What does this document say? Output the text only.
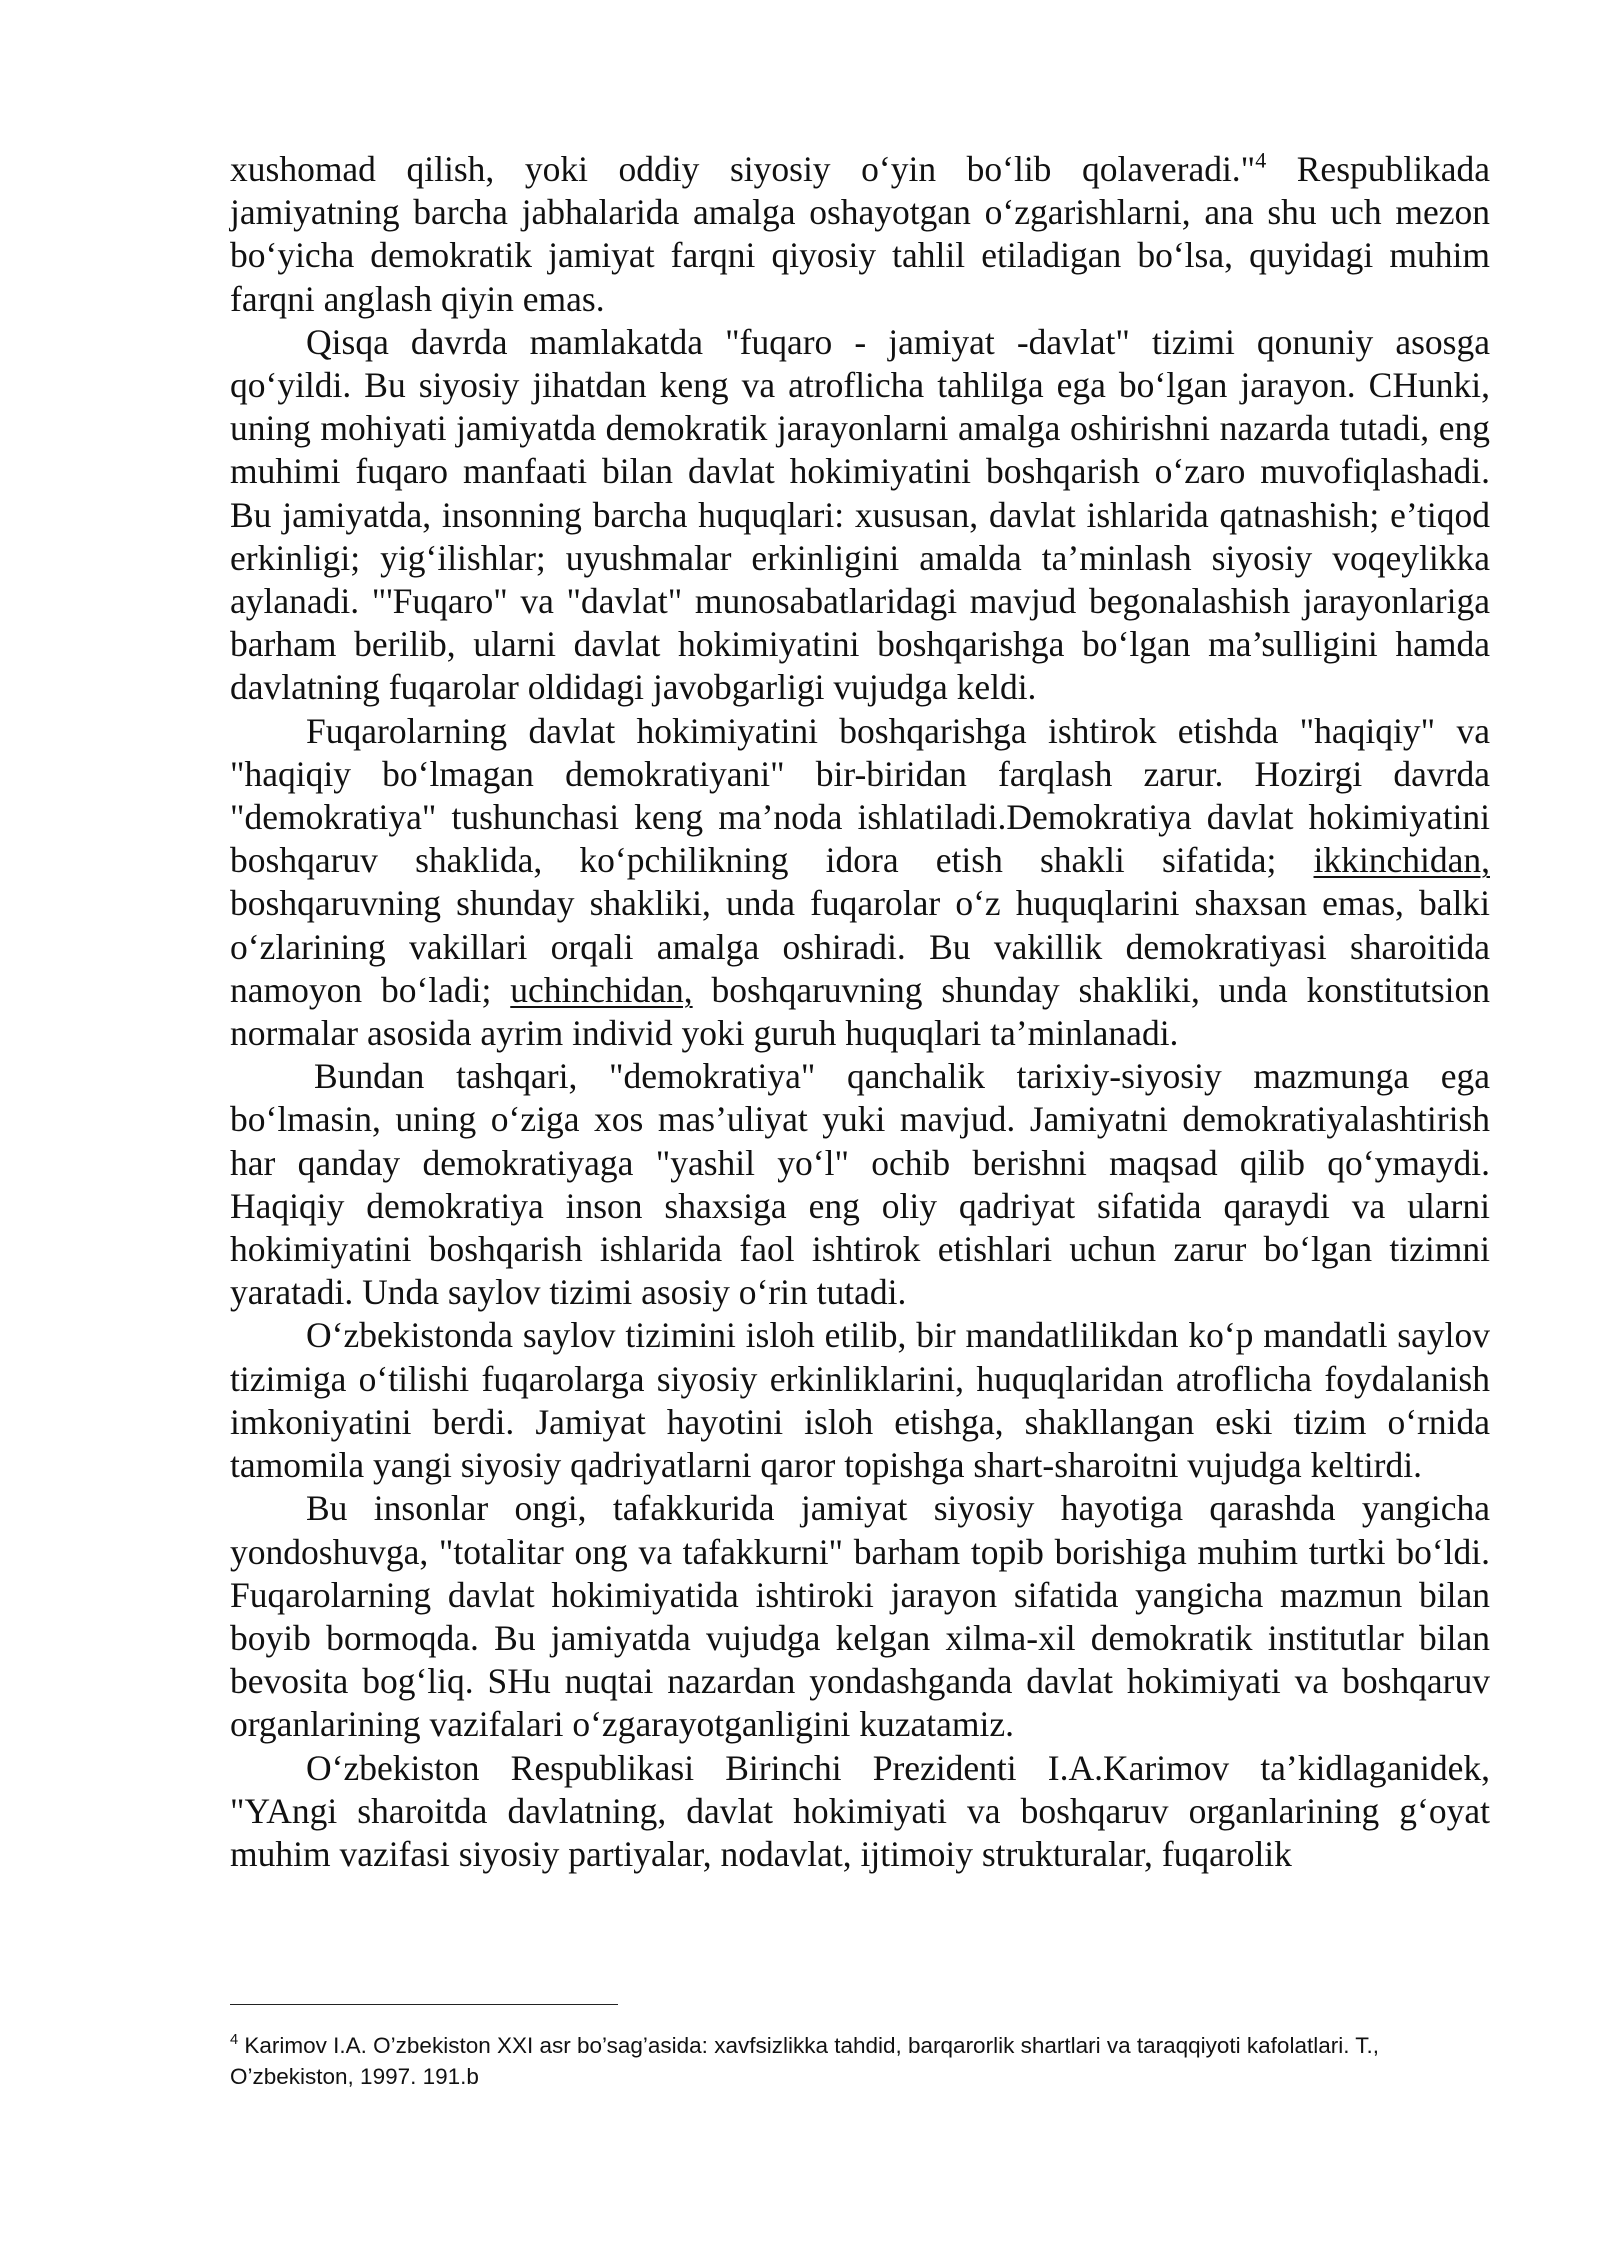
xushomad qilish, yoki oddiy siyosiy o‘yin bo‘lib qolaveradi."$^4$ Respublikada jamiyatning barcha jabhalarida amalga oshayotgan o‘zgarishlarni, ana shu uch mezon bo‘yicha demokratik jamiyat farqni qiyosiy tahlil etiladigan bo‘lsa, quyidagi muhim farqni anglash qiyin emas.

Qisqa davrda mamlakatda "fuqaro - jamiyat -davlat" tizimi qonuniy asosga qo‘yildi. Bu siyosiy jihatdan keng va atroflicha tahlilga ega bo‘lgan jarayon. CHunki, uning mohiyati jamiyatda demokratik jarayonlarni amalga oshirishni nazarda tutadi, eng muhimi fuqaro manfaati bilan davlat hokimiyatini boshqarish o‘zaro muvofiqlashadi. Bu jamiyatda, insonning barcha huquqlari: xususan, davlat ishlarida qatnashish; e’tiqod erkinligi; yig‘ilishlar; uyushmalar erkinligini amalda ta’minlash siyosiy voqeylikka aylanadi. "'Fuqaro" va "davlat" munosabatlaridagi mavjud begonalashish jarayonlariga barham berilib, ularni davlat hokimiyatini boshqarishga bo‘lgan ma’sulligini hamda davlatning fuqarolar oldidagi javobgarligi vujudga keldi.

Fuqarolarning davlat hokimiyatini boshqarishga ishtirok etishda "haqiqiy" va "haqiqiy bo‘lmagan demokratiyani" bir-biridan farqlash zarur. Hozirgi davrda "demokratiya" tushunchasi keng ma’noda ishlatiladi.Demokratiya davlat hokimiyatini boshqaruv shaklida, ko‘pchilikning idora etish shakli sifatida; ikkinchidan, boshqaruvning shunday shakliki, unda fuqarolar o‘z huquqlarini shaxsan emas, balki o‘zlarining vakillari orqali amalga oshiradi. Bu vakillik demokratiyasi sharoitida namoyon bo‘ladi; uchinchidan, boshqaruvning shunday shakliki, unda konstitutsion normalar asosida ayrim individ yoki guruh huquqlari ta’minlanadi.

Bundan tashqari, "demokratiya" qanchalik tarixiy-siyosiy mazmunga ega bo‘lmasin, uning o‘ziga xos mas’uliyat yuki mavjud. Jamiyatni demokratiyalashtirish har qanday demokratiyaga "yashil yo‘l" ochib berishni maqsad qilib qo‘ymaydi. Haqiqiy demokratiya inson shaxsiga eng oliy qadriyat sifatida qaraydi va ularni hokimiyatini boshqarish ishlarida faol ishtirok etishlari uchun zarur bo‘lgan tizimni yaratadi. Unda saylov tizimi asosiy o‘rin tutadi.

O‘zbekistonda saylov tizimini isloh etilib, bir mandatlilikdan ko‘p mandatli saylov tizimiga o‘tilishi fuqarolarga siyosiy erkinliklarini, huquqlaridan atroflicha foydalanish imkoniyatini berdi. Jamiyat hayotini isloh etishga, shakllangan eski tizim o‘rnida tamomila yangi siyosiy qadriyatlarni qaror topishga shart-sharoitni vujudga keltirdi.

Bu insonlar ongi, tafakkurida jamiyat siyosiy hayotiga qarashda yangicha yondoshuvga, "totalitar ong va tafakkurni" barham topib borishiga muhim turtki bo‘ldi. Fuqarolarning davlat hokimiyatida ishtiroki jarayon sifatida yangicha mazmun bilan boyib bormoqda. Bu jamiyatda vujudga kelgan xilma-xil demokratik institutlar bilan bevosita bog‘liq. SHu nuqtai nazardan yondashganda davlat hokimiyati va boshqaruv organlarining vazifalari o‘zgarayotganligini kuzatamiz.

O‘zbekiston Respublikasi Birinchi Prezidenti I.A.Karimov ta’kidlaganidek, "YAngi sharoitda davlatning, davlat hokimiyati va boshqaruv organlarining g‘oyat muhim vazifasi siyosiy partiyalar, nodavlat, ijtimoiy strukturalar, fuqarolik

$^4$ Karimov I.A. O’zbekiston XXI asr bo’sag’asida: xavfsizlikka tahdid, barqarorlik shartlari va taraqqiyoti kafolatlari. T., O’zbekiston, 1997. 191.b
